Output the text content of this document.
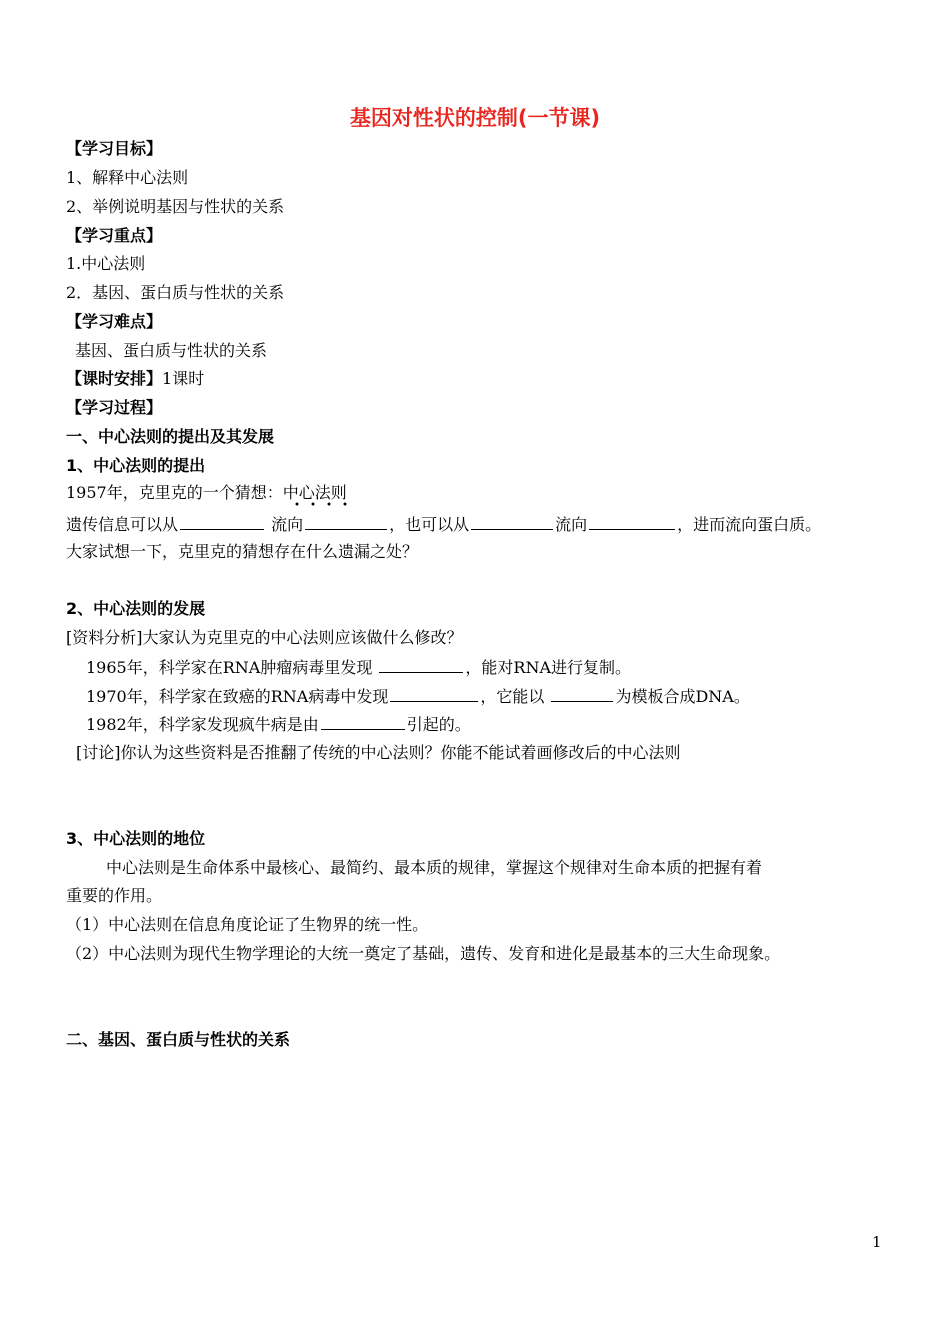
基因对性状的控制(一节课)
【学习目标】
1、解释中心法则
2、举例说明基因与性状的关系
【学习重点】
1.中心法则
2．基因、蛋白质与性状的关系
【学习难点】
基因、蛋白质与性状的关系
【课时安排】1课时
【学习过程】
一、中心法则的提出及其发展
1、中心法则的提出
1957年，克里克的一个猜想：中心法则
遗传信息可以从	流向	，也可以从	流向	，进而流向蛋白质。
大家试想一下，克里克的猜想存在什么遗漏之处？
2、中心法则的发展
[资料分析]大家认为克里克的中心法则应该做什么修改？
1965年，科学家在RNA肿瘤病毒里发现	，能对RNA进行复制。
1970年，科学家在致癌的RNA病毒中发现	，它能以	为模板合成DNA。
1982年，科学家发现疯牛病是由	引起的。
[讨论]你认为这些资料是否推翻了传统的中心法则？你能不能试着画修改后的中心法则
3、中心法则的地位
中心法则是生命体系中最核心、最简约、最本质的规律，掌握这个规律对生命本质的把握有着
重要的作用。
（1）中心法则在信息角度论证了生物界的统一性。
（2）中心法则为现代生物学理论的大统一奠定了基础，遗传、发育和进化是最基本的三大生命现象。
二、基因、蛋白质与性状的关系
1
